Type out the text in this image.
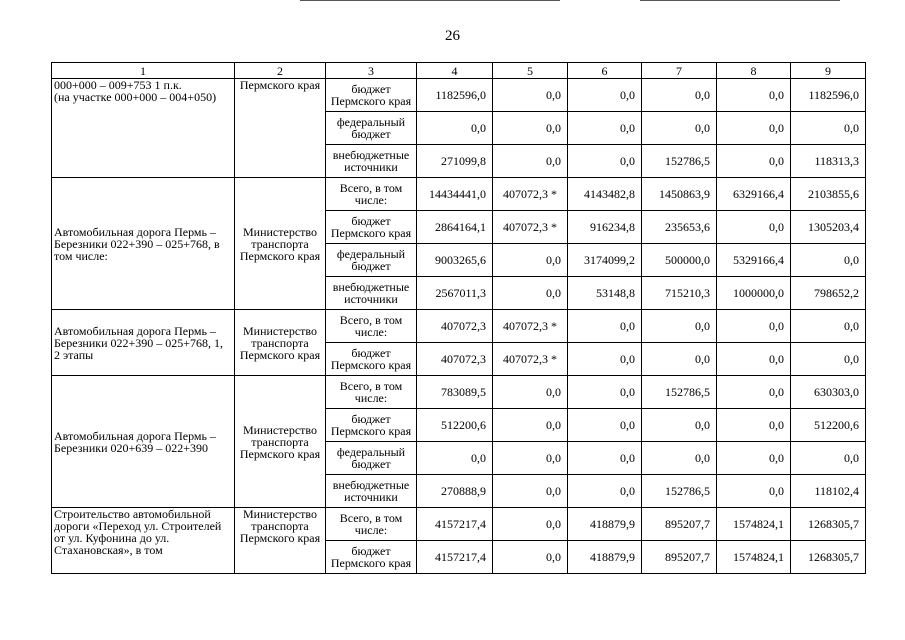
26
1	2	3	4	5	6	7	8	9
000+000 – 009+753 1 п.к.
(на участке 000+000 – 004+050)	Пермского края	бюджет Пермского края	1182596,0	0,0	0,0	0,0	0,0	1182596,0
		федеральный бюджет	0,0	0,0	0,0	0,0	0,0	0,0
		внебюджетные источники	271099,8	0,0	0,0	152786,5	0,0	118313,3
Автомобильная дорога Пермь – Березники 022+390 – 025+768, в том числе:	Министерство транспорта Пермского края	Всего, в том числе:	14434441,0	407072,3 *	4143482,8	1450863,9	6329166,4	2103855,6
		бюджет Пермского края	2864164,1	407072,3 *	916234,8	235653,6	0,0	1305203,4
		федеральный бюджет	9003265,6	0,0	3174099,2	500000,0	5329166,4	0,0
		внебюджетные источники	2567011,3	0,0	53148,8	715210,3	1000000,0	798652,2
Автомобильная дорога Пермь – Березники 022+390 – 025+768, 1, 2 этапы	Министерство транспорта Пермского края	Всего, в том числе:	407072,3	407072,3 *	0,0	0,0	0,0	0,0
		бюджет Пермского края	407072,3	407072,3 *	0,0	0,0	0,0	0,0
Автомобильная дорога Пермь – Березники 020+639 – 022+390	Министерство транспорта Пермского края	Всего, в том числе:	783089,5	0,0	0,0	152786,5	0,0	630303,0
		бюджет Пермского края	512200,6	0,0	0,0	0,0	0,0	512200,6
		федеральный бюджет	0,0	0,0	0,0	0,0	0,0	0,0
		внебюджетные источники	270888,9	0,0	0,0	152786,5	0,0	118102,4
Строительство автомобильной дороги «Переход ул. Строителей от ул. Куфонина до ул. Стахановская», в том	Министерство транспорта Пермского края	Всего, в том числе:	4157217,4	0,0	418879,9	895207,7	1574824,1	1268305,7
		бюджет Пермского края	4157217,4	0,0	418879,9	895207,7	1574824,1	1268305,7
